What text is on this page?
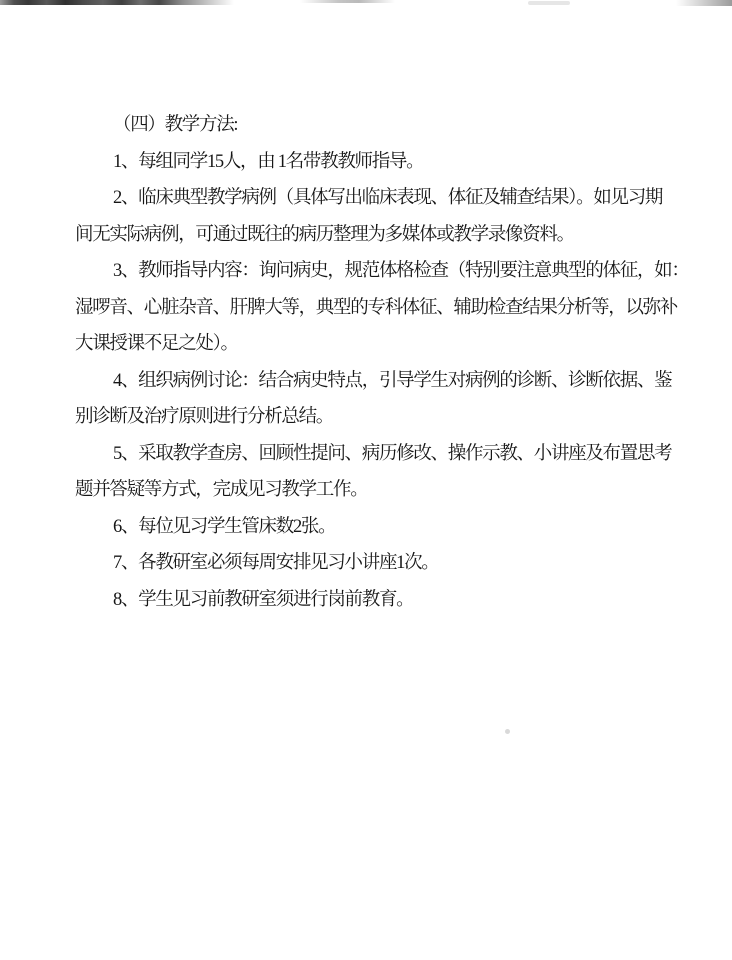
（四）教学方法:
1、每组同学15人，由 1名带教教师指导。
2、临床典型教学病例（具体写出临床表现、体征及辅查结果）。如见习期
间无实际病例，可通过既往的病历整理为多媒体或教学录像资料。
3、教师指导内容：询问病史，规范体格检查（特别要注意典型的体征，如：
湿啰音、心脏杂音、肝脾大等，典型的专科体征、辅助检查结果分析等，以弥补
大课授课不足之处）。
4、组织病例讨论：结合病史特点，引导学生对病例的诊断、诊断依据、鉴
别诊断及治疗原则进行分析总结。
5、采取教学查房、回顾性提问、病历修改、操作示教、小讲座及布置思考
题并答疑等方式，完成见习教学工作。
6、每位见习学生管床数2张。
7、各教研室必须每周安排见习小讲座1次。
8、学生见习前教研室须进行岗前教育。
